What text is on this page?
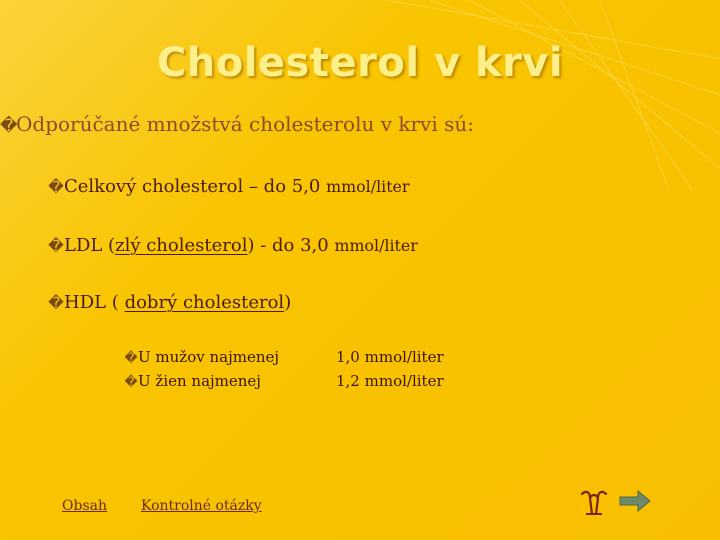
Cholesterol v krvi
�Odporúčané množstvá cholesterolu v krvi sú:
�Celkový cholesterol – do 5,0 mmol/liter
�LDL (zlý cholesterol) - do 3,0 mmol/liter
�HDL ( dobrý cholesterol)
�U mužov najmenej	1,0 mmol/liter
�U žien najmenej	1,2 mmol/liter
Obsah Kontrolné otázky
